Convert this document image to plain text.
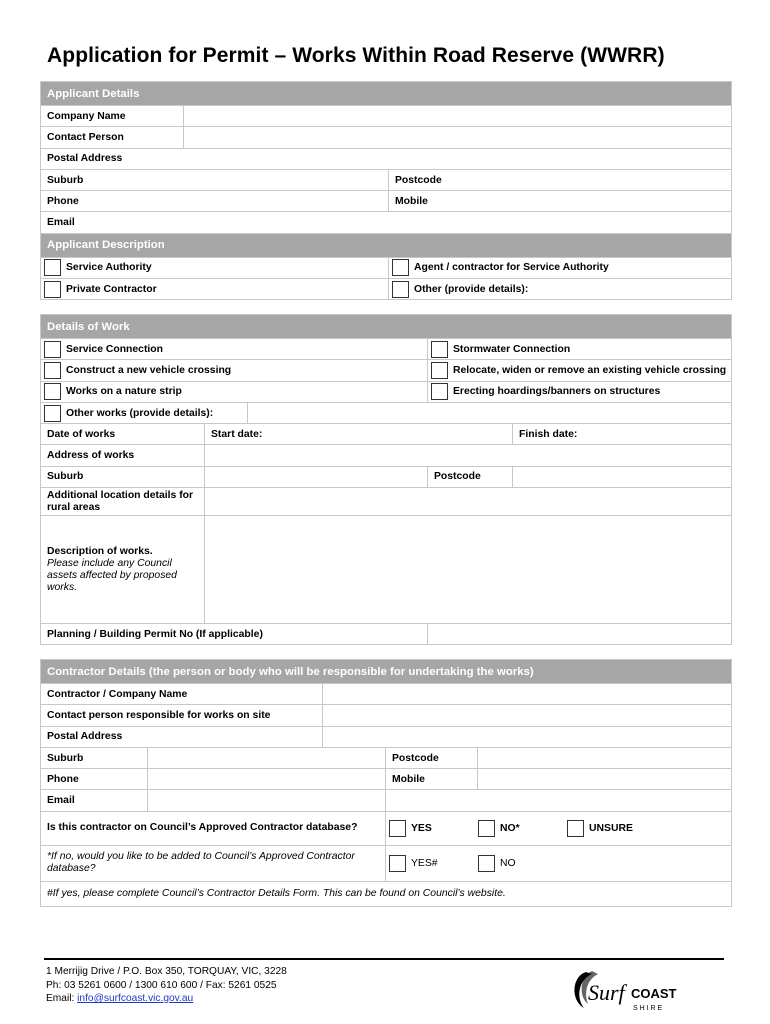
Application for Permit – Works Within Road Reserve (WWRR)
Applicant Details		
Company Name		
Contact Person		
Postal Address		
Suburb		Postcode
Phone		Mobile
Email		
Applicant Description		
Service Authority		Agent / contractor for Service Authority
Private Contractor		Other (provide details):
Details of Work				
Service Connection			Stormwater Connection	
Construct a new vehicle crossing			Relocate, widen or remove an existing vehicle crossing	
Works on a nature strip			Erecting hoardings/banners on structures	
Other works (provide details):				
Date of works	Start date:			Finish date:
Address of works				
Suburb			Postcode	
Additional location details for rural areas				

Description of works.
Please include any Council assets affected by proposed works.				

Planning / Building Permit No (If applicable)				
Contractor Details (the person or body who will be responsible for undertaking the works)				
Contractor / Company Name				
Contact person responsible for works on site				
Postal Address				
Suburb			Postcode	
Phone			Mobile	
Email				
Is this contractor on Council’s Approved Contractor database?			YES NO* UNSURE	
*If no, would you like to be added to Council’s Approved Contractor database?			YES# NO	
#If yes, please complete Council’s Contractor Details Form. This can be found on Council’s website.				
1 Merrijig Drive / P.O. Box 350, TORQUAY, VIC, 3228
Ph: 03 5261 0600 / 1300 610 600 / Fax: 5261 0525
Email: info@surfcoast.vic.gov.au	Surf COAST
S H I R E
